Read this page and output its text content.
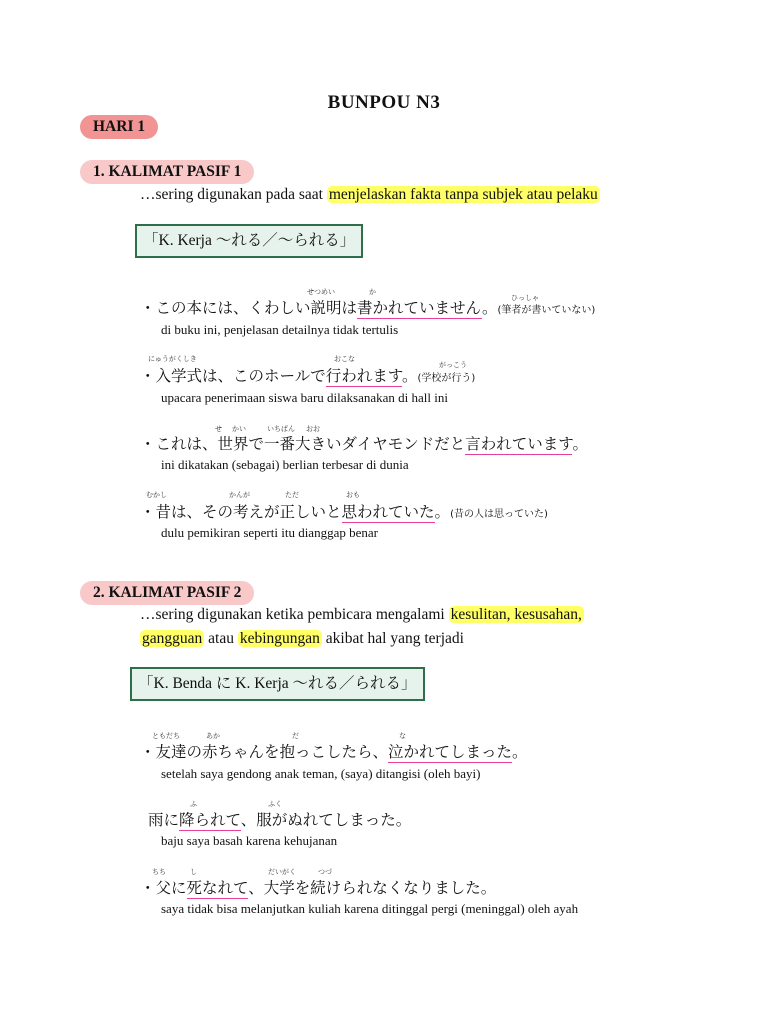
BUNPOU N3
HARI 1
1. KALIMAT PASIF 1
…sering digunakan pada saat menjelaskan fakta tanpa subjek atau pelaku
「K. Kerja 〜れる／〜られる」
せつめい	か
ひっしゃ
・この本には、くわしい説明は書かれていません。(筆者が書いていない)
di buku ini, penjelasan detailnya tidak tertulis
にゅうがくしき	おこな
がっこう
・入学式は、このホールで行われます。(学校が行う)
upacara penerimaan siswa baru dilaksanakan di hall ini
せ かい	いちばん おお
・これは、世界で一番大きいダイヤモンドだと言われています。
ini dikatakan (sebagai) berlian terbesar di dunia
むかし	かんが	ただ	おも
・昔は、その考えが正しいと思われていた。(昔の人は思っていた)
dulu pemikiran seperti itu dianggap benar
2. KALIMAT PASIF 2
…sering digunakan ketika pembicara mengalami kesulitan, kesusahan,
gangguan atau kebingungan akibat hal yang terjadi
「K. Benda に K. Kerja 〜れる／られる」
ともだち	あか	だ	な
・友達の赤ちゃんを抱っこしたら、泣かれてしまった。
setelah saya gendong anak teman, (saya) ditangisi (oleh bayi)
ふ	ふく
雨に降られて、服がぬれてしまった。
baju saya basah karena kehujanan
ちち	し	だいがく	つづ
・父に死なれて、大学を続けられなくなりました。
saya tidak bisa melanjutkan kuliah karena ditinggal pergi (meninggal) oleh ayah
